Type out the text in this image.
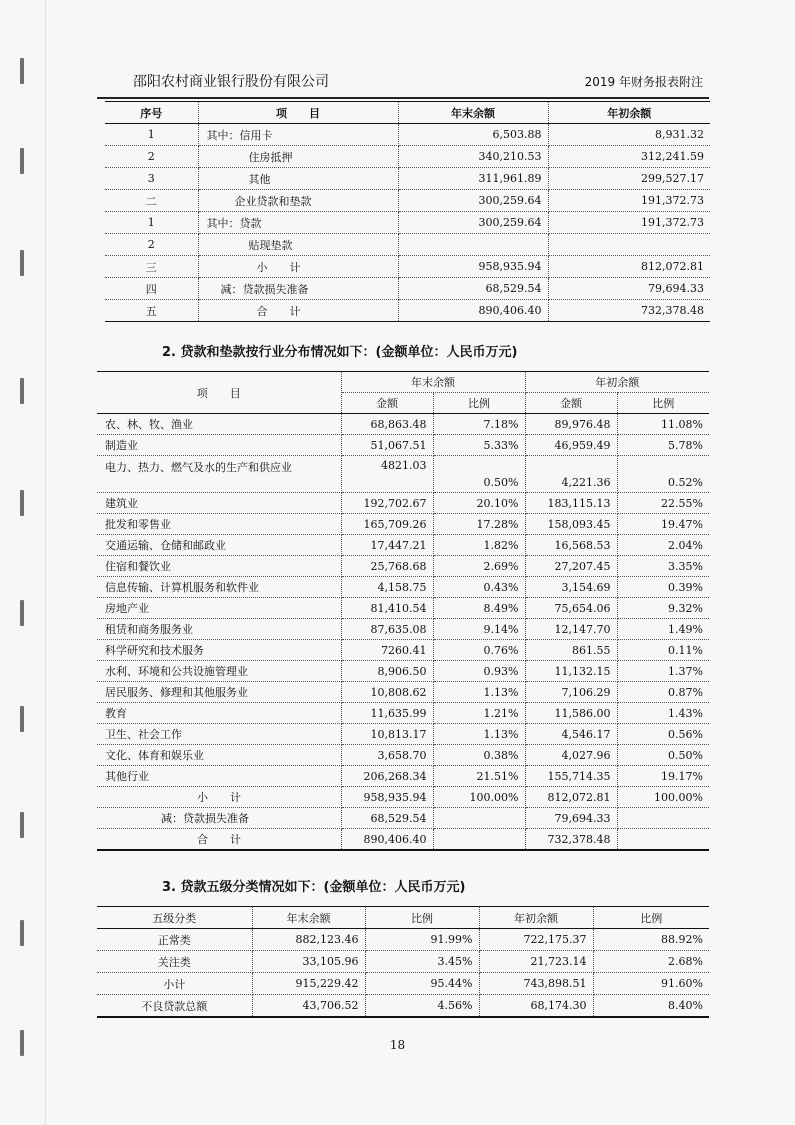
邵阳农村商业银行股份有限公司	2019 年财务报表附注
序号	项　　目	年末余额	年初余额
1	其中：信用卡	6,503.88	8,931.32
2	住房抵押	340,210.53	312,241.59
3	其他	311,961.89	299,527.17
二	企业贷款和垫款	300,259.64	191,372.73
1	其中：贷款	300,259.64	191,372.73
2	贴现垫款		
三	小　　计	958,935.94	812,072.81
四	减：贷款损失准备	68,529.54	79,694.33
五	合　　计	890,406.40	732,378.48
2. 贷款和垫款按行业分布情况如下：(金额单位：人民币万元)
项　　目	年末余额		年初余额	
	金额	比例	金额	比例
农、林、牧、渔业	68,863.48	7.18%	89,976.48	11.08%
制造业	51,067.51	5.33%	46,959.49	5.78%
电力、热力、燃气及水的生产和供应业	4821.03	0.50%	4,221.36	0.52%
建筑业	192,702.67	20.10%	183,115.13	22.55%
批发和零售业	165,709.26	17.28%	158,093.45	19.47%
交通运输、仓储和邮政业	17,447.21	1.82%	16,568.53	2.04%
住宿和餐饮业	25,768.68	2.69%	27,207.45	3.35%
信息传输、计算机服务和软件业	4,158.75	0.43%	3,154.69	0.39%
房地产业	81,410.54	8.49%	75,654.06	9.32%
租赁和商务服务业	87,635.08	9.14%	12,147.70	1.49%
科学研究和技术服务	7260.41	0.76%	861.55	0.11%
水利、环境和公共设施管理业	8,906.50	0.93%	11,132.15	1.37%
居民服务、修理和其他服务业	10,808.62	1.13%	7,106.29	0.87%
教育	11,635.99	1.21%	11,586.00	1.43%
卫生、社会工作	10,813.17	1.13%	4,546.17	0.56%
文化、体育和娱乐业	3,658.70	0.38%	4,027.96	0.50%
其他行业	206,268.34	21.51%	155,714.35	19.17%
小　　计	958,935.94	100.00%	812,072.81	100.00%
减：贷款损失准备	68,529.54		79,694.33	
合　　计	890,406.40		732,378.48	
3. 贷款五级分类情况如下：(金额单位：人民币万元)
五级分类	年末余额	比例	年初余额	比例
正常类	882,123.46	91.99%	722,175.37	88.92%
关注类	33,105.96	3.45%	21,723.14	2.68%
小计	915,229.42	95.44%	743,898.51	91.60%
不良贷款总额	43,706.52	4.56%	68,174.30	8.40%
18
